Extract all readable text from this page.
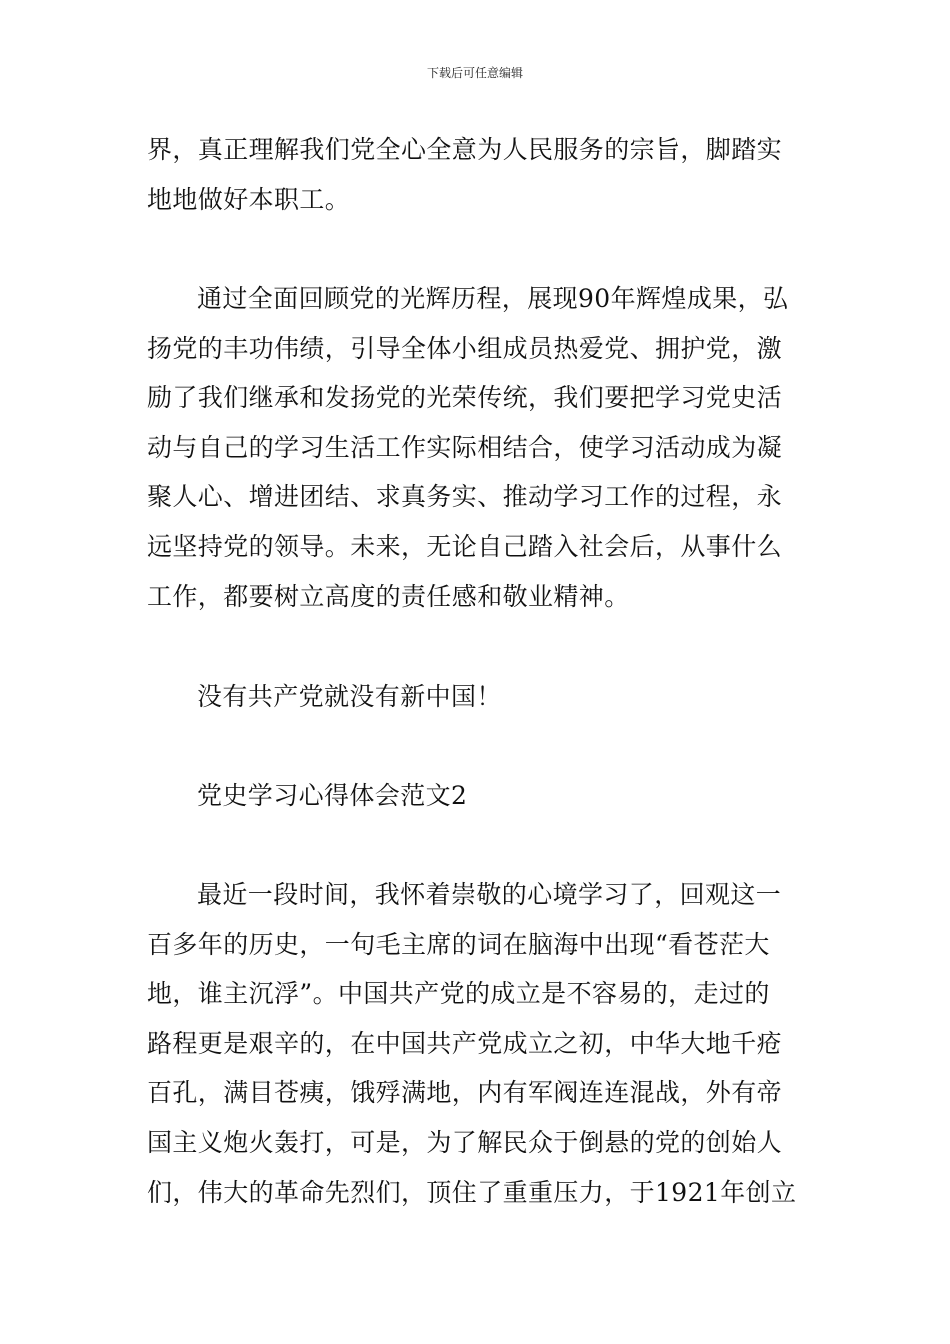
下载后可任意编辑

界，真正理解我们党全心全意为人民服务的宗旨，脚踏实
地地做好本职工。

通过全面回顾党的光辉历程，展现90年辉煌成果，弘
扬党的丰功伟绩，引导全体小组成员热爱党、拥护党，激
励了我们继承和发扬党的光荣传统，我们要把学习党史活
动与自己的学习生活工作实际相结合，使学习活动成为凝
聚人心、增进团结、求真务实、推动学习工作的过程，永
远坚持党的领导。未来，无论自己踏入社会后，从事什么
工作，都要树立高度的责任感和敬业精神。

没有共产党就没有新中国！

党史学习心得体会范文2

最近一段时间，我怀着崇敬的心境学习了，回观这一
百多年的历史，一句毛主席的词在脑海中出现“看苍茫大
地，谁主沉浮”。中国共产党的成立是不容易的，走过的
路程更是艰辛的，在中国共产党成立之初，中华大地千疮
百孔，满目苍痍，饿殍满地，内有军阀连连混战，外有帝
国主义炮火轰打，可是，为了解民众于倒悬的党的创始人
们，伟大的革命先烈们，顶住了重重压力，于1921年创立
